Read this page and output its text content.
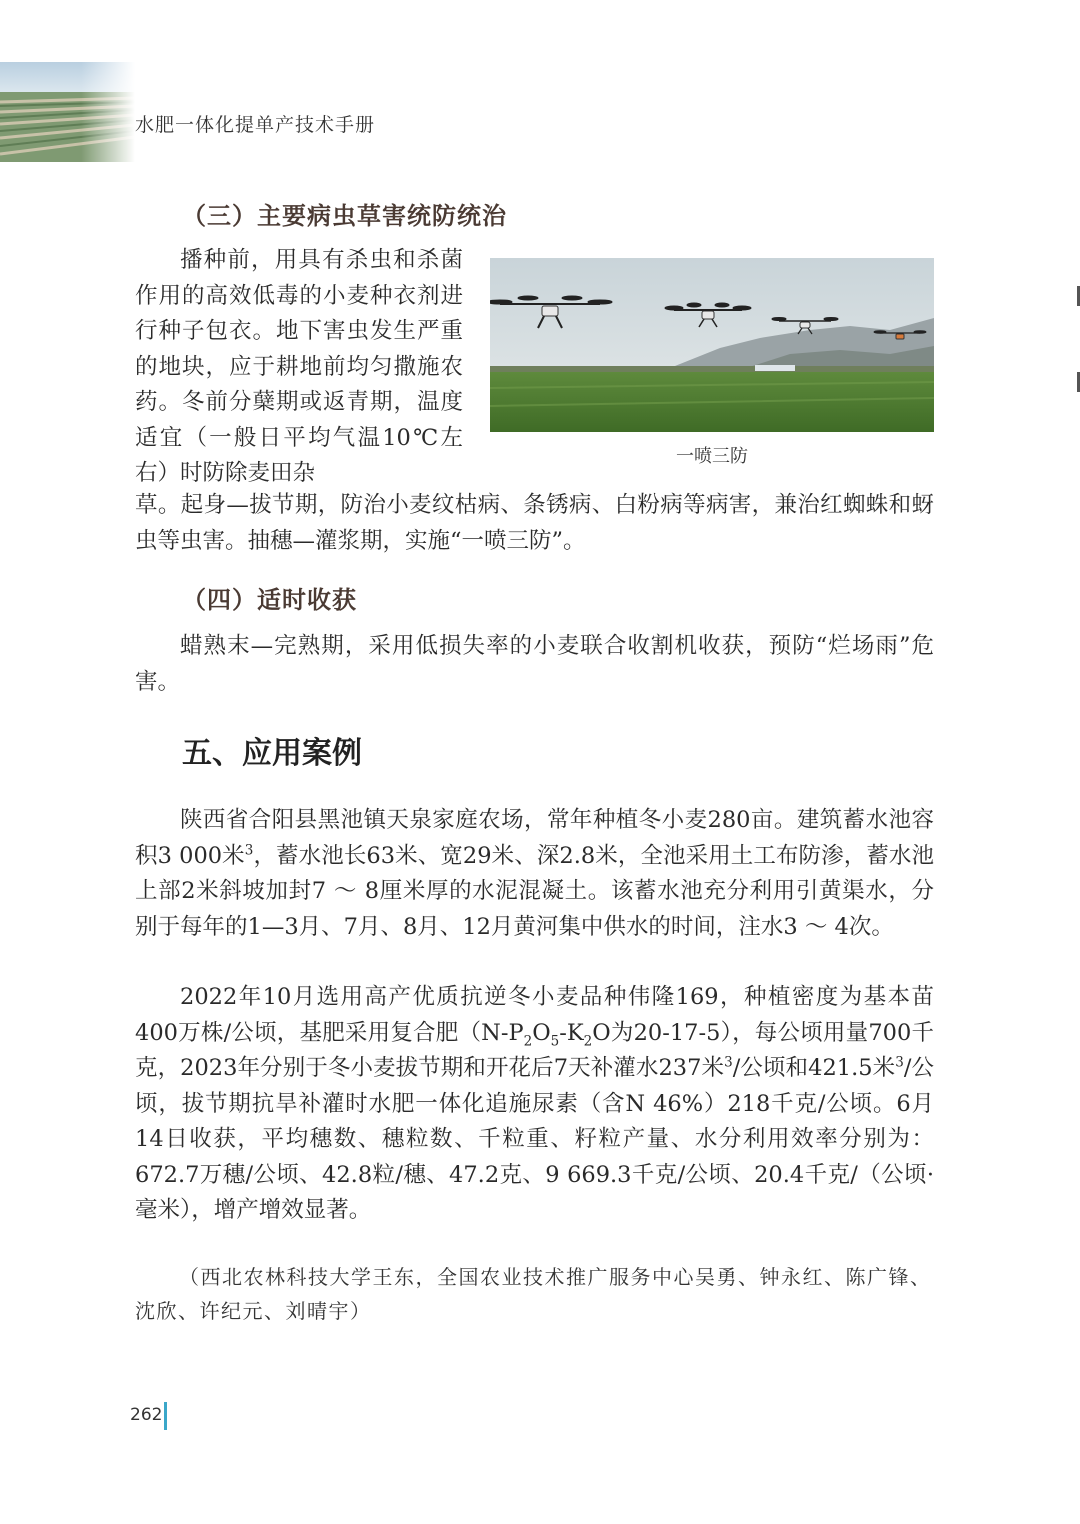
水肥一体化提单产技术手册
（三）主要病虫草害统防统治

播种前，用具有杀虫和杀菌作用的高效低毒的小麦种衣剂进行种子包衣。地下害虫发生严重的地块，应于耕地前均匀撒施农药。冬前分蘖期或返青期，温度适宜（一般日平均气温10℃左右）时防除麦田杂

一喷三防

草。起身—拔节期，防治小麦纹枯病、条锈病、白粉病等病害，兼治红蜘蛛和蚜虫等虫害。抽穗—灌浆期，实施“一喷三防”。

（四）适时收获

蜡熟末—完熟期，采用低损失率的小麦联合收割机收获，预防“烂场雨”危害。

五、应用案例

陕西省合阳县黑池镇天泉家庭农场，常年种植冬小麦280亩。建筑蓄水池容积3 000米$^3$，蓄水池长63米、宽29米、深2.8米，全池采用土工布防渗，蓄水池上部2米斜坡加封7 ～ 8厘米厚的水泥混凝土。该蓄水池充分利用引黄渠水，分别于每年的1—3月、7月、8月、12月黄河集中供水的时间，注水3 ～ 4次。

2022年10月选用高产优质抗逆冬小麦品种伟隆169，种植密度为基本苗400万株/公顷，基肥采用复合肥（$N-P_2O_5-K_2O$为20-17-5），每公顷用量700千克，2023年分别于冬小麦拔节期和开花后7天补灌水237米$^3$/公顷和421.5米$^3$/公顷，拔节期抗旱补灌时水肥一体化追施尿素（含N 46%）218千克/公顷。6月14日收获，平均穗数、穗粒数、千粒重、籽粒产量、水分利用效率分别为：672.7万穗/公顷、42.8粒/穗、47.2克、9 669.3千克/公顷、20.4千克/（公顷·毫米），增产增效显著。

（西北农林科技大学王东，全国农业技术推广服务中心吴勇、钟永红、陈广锋、沈欣、许纪元、刘晴宇）

262
